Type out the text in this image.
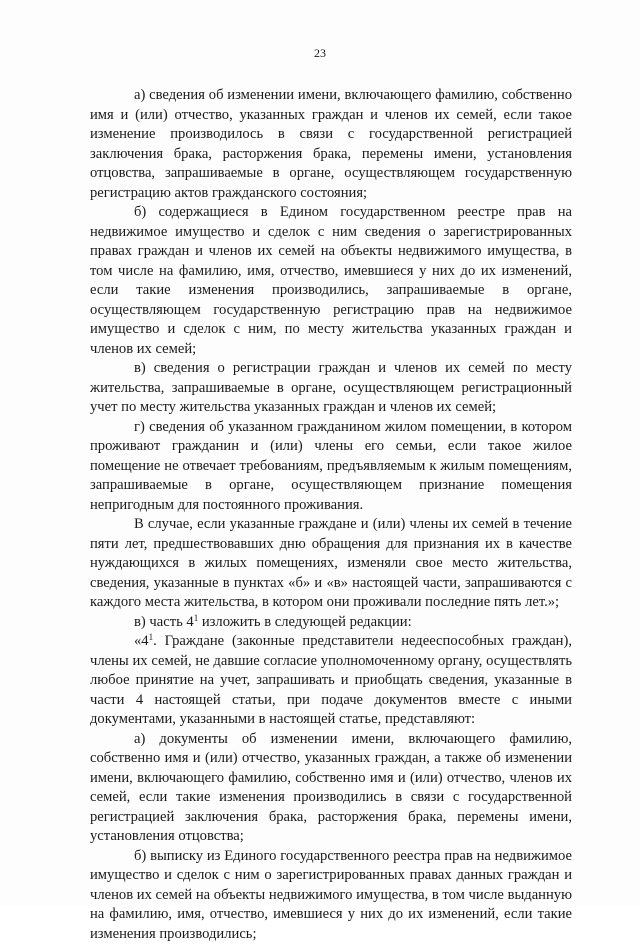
23

а) сведения об изменении имени, включающего фамилию, собственно имя и (или) отчество, указанных граждан и членов их семей, если такое изменение производилось в связи с государственной регистрацией заключения брака, расторжения брака, перемены имени, установления отцовства, запрашиваемые в органе, осуществляющем государственную регистрацию актов гражданского состояния;

б) содержащиеся в Едином государственном реестре прав на недвижимое имущество и сделок с ним сведения о зарегистрированных правах граждан и членов их семей на объекты недвижимого имущества, в том числе на фамилию, имя, отчество, имевшиеся у них до их изменений, если такие изменения производились, запрашиваемые в органе, осуществляющем государственную регистрацию прав на недвижимое имущество и сделок с ним, по месту жительства указанных граждан и членов их семей;

в) сведения о регистрации граждан и членов их семей по месту жительства, запрашиваемые в органе, осуществляющем регистрационный учет по месту жительства указанных граждан и членов их семей;

г) сведения об указанном гражданином жилом помещении, в котором проживают гражданин и (или) члены его семьи, если такое жилое помещение не отвечает требованиям, предъявляемым к жилым помещениям, запрашиваемые в органе, осуществляющем признание помещения непригодным для постоянного проживания.

В случае, если указанные граждане и (или) члены их семей в течение пяти лет, предшествовавших дню обращения для признания их в качестве нуждающихся в жилых помещениях, изменяли свое место жительства, сведения, указанные в пунктах «б» и «в» настоящей части, запрашиваются с каждого места жительства, в котором они проживали последние пять лет.»;

в) часть $4^1$ изложить в следующей редакции:

«$4^1$. Граждане (законные представители недееспособных граждан), члены их семей, не давшие согласие уполномоченному органу, осуществлять любое принятие на учет, запрашивать и приобщать сведения, указанные в части 4 настоящей статьи, при подаче документов вместе с иными документами, указанными в настоящей статье, представляют:

а) документы об изменении имени, включающего фамилию, собственно имя и (или) отчество, указанных граждан, а также об изменении имени, включающего фамилию, собственно имя и (или) отчество, членов их семей, если такие изменения производились в связи с государственной регистрацией заключения брака, расторжения брака, перемены имени, установления отцовства;

б) выписку из Единого государственного реестра прав на недвижимое имущество и сделок с ним о зарегистрированных правах данных граждан и членов их семей на объекты недвижимого имущества, в том числе выданную на фамилию, имя, отчество, имевшиеся у них до их изменений, если такие изменения производились;
